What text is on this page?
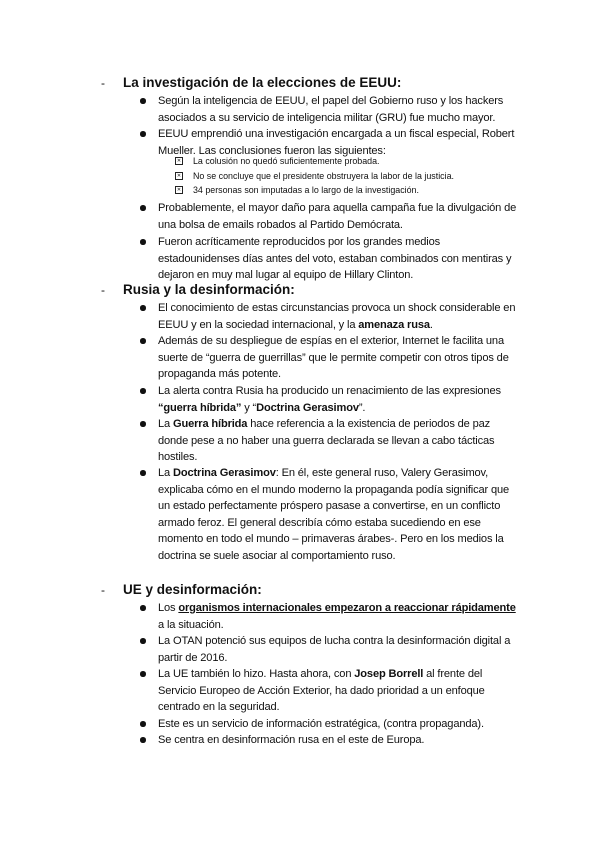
- La investigación de la elecciones de EEUU:
Según la inteligencia de EEUU, el papel del Gobierno ruso y los hackers asociados a su servicio de inteligencia militar (GRU) fue mucho mayor.
EEUU emprendió una investigación encargada a un fiscal especial, Robert Mueller. Las conclusiones fueron las siguientes:
✕ La colusión no quedó suficientemente probada.
✕ No se concluye que el presidente obstruyera la labor de la justicia.
✕ 34 personas son imputadas a lo largo de la investigación.
Probablemente, el mayor daño para aquella campaña fue la divulgación de una bolsa de emails robados al Partido Demócrata.
Fueron acríticamente reproducidos por los grandes medios estadounidenses días antes del voto, estaban combinados con mentiras y dejaron en muy mal lugar al equipo de Hillary Clinton.
- Rusia y la desinformación:
El conocimiento de estas circunstancias provoca un shock considerable en EEUU y en la sociedad internacional, y la amenaza rusa.
Además de su despliegue de espías en el exterior, Internet le facilita una suerte de “guerra de guerrillas” que le permite competir con otros tipos de propaganda más potente.
La alerta contra Rusia ha producido un renacimiento de las expresiones “guerra híbrida” y “Doctrina Gerasimov”.
La Guerra híbrida hace referencia a la existencia de periodos de paz donde pese a no haber una guerra declarada se llevan a cabo tácticas hostiles.
La Doctrina Gerasimov: En él, este general ruso, Valery Gerasimov, explicaba cómo en el mundo moderno la propaganda podía significar que un estado perfectamente próspero pasase a convertirse, en un conflicto armado feroz. El general describía cómo estaba sucediendo en ese momento en todo el mundo – primaveras árabes-. Pero en los medios la doctrina se suele asociar al comportamiento ruso.
- UE y desinformación:
Los organismos internacionales empezaron a reaccionar rápidamente a la situación.
La OTAN potenció sus equipos de lucha contra la desinformación digital a partir de 2016.
La UE también lo hizo. Hasta ahora, con Josep Borrell al frente del Servicio Europeo de Acción Exterior, ha dado prioridad a un enfoque centrado en la seguridad.
Este es un servicio de información estratégica, (contra propaganda).
Se centra en desinformación rusa en el este de Europa.
